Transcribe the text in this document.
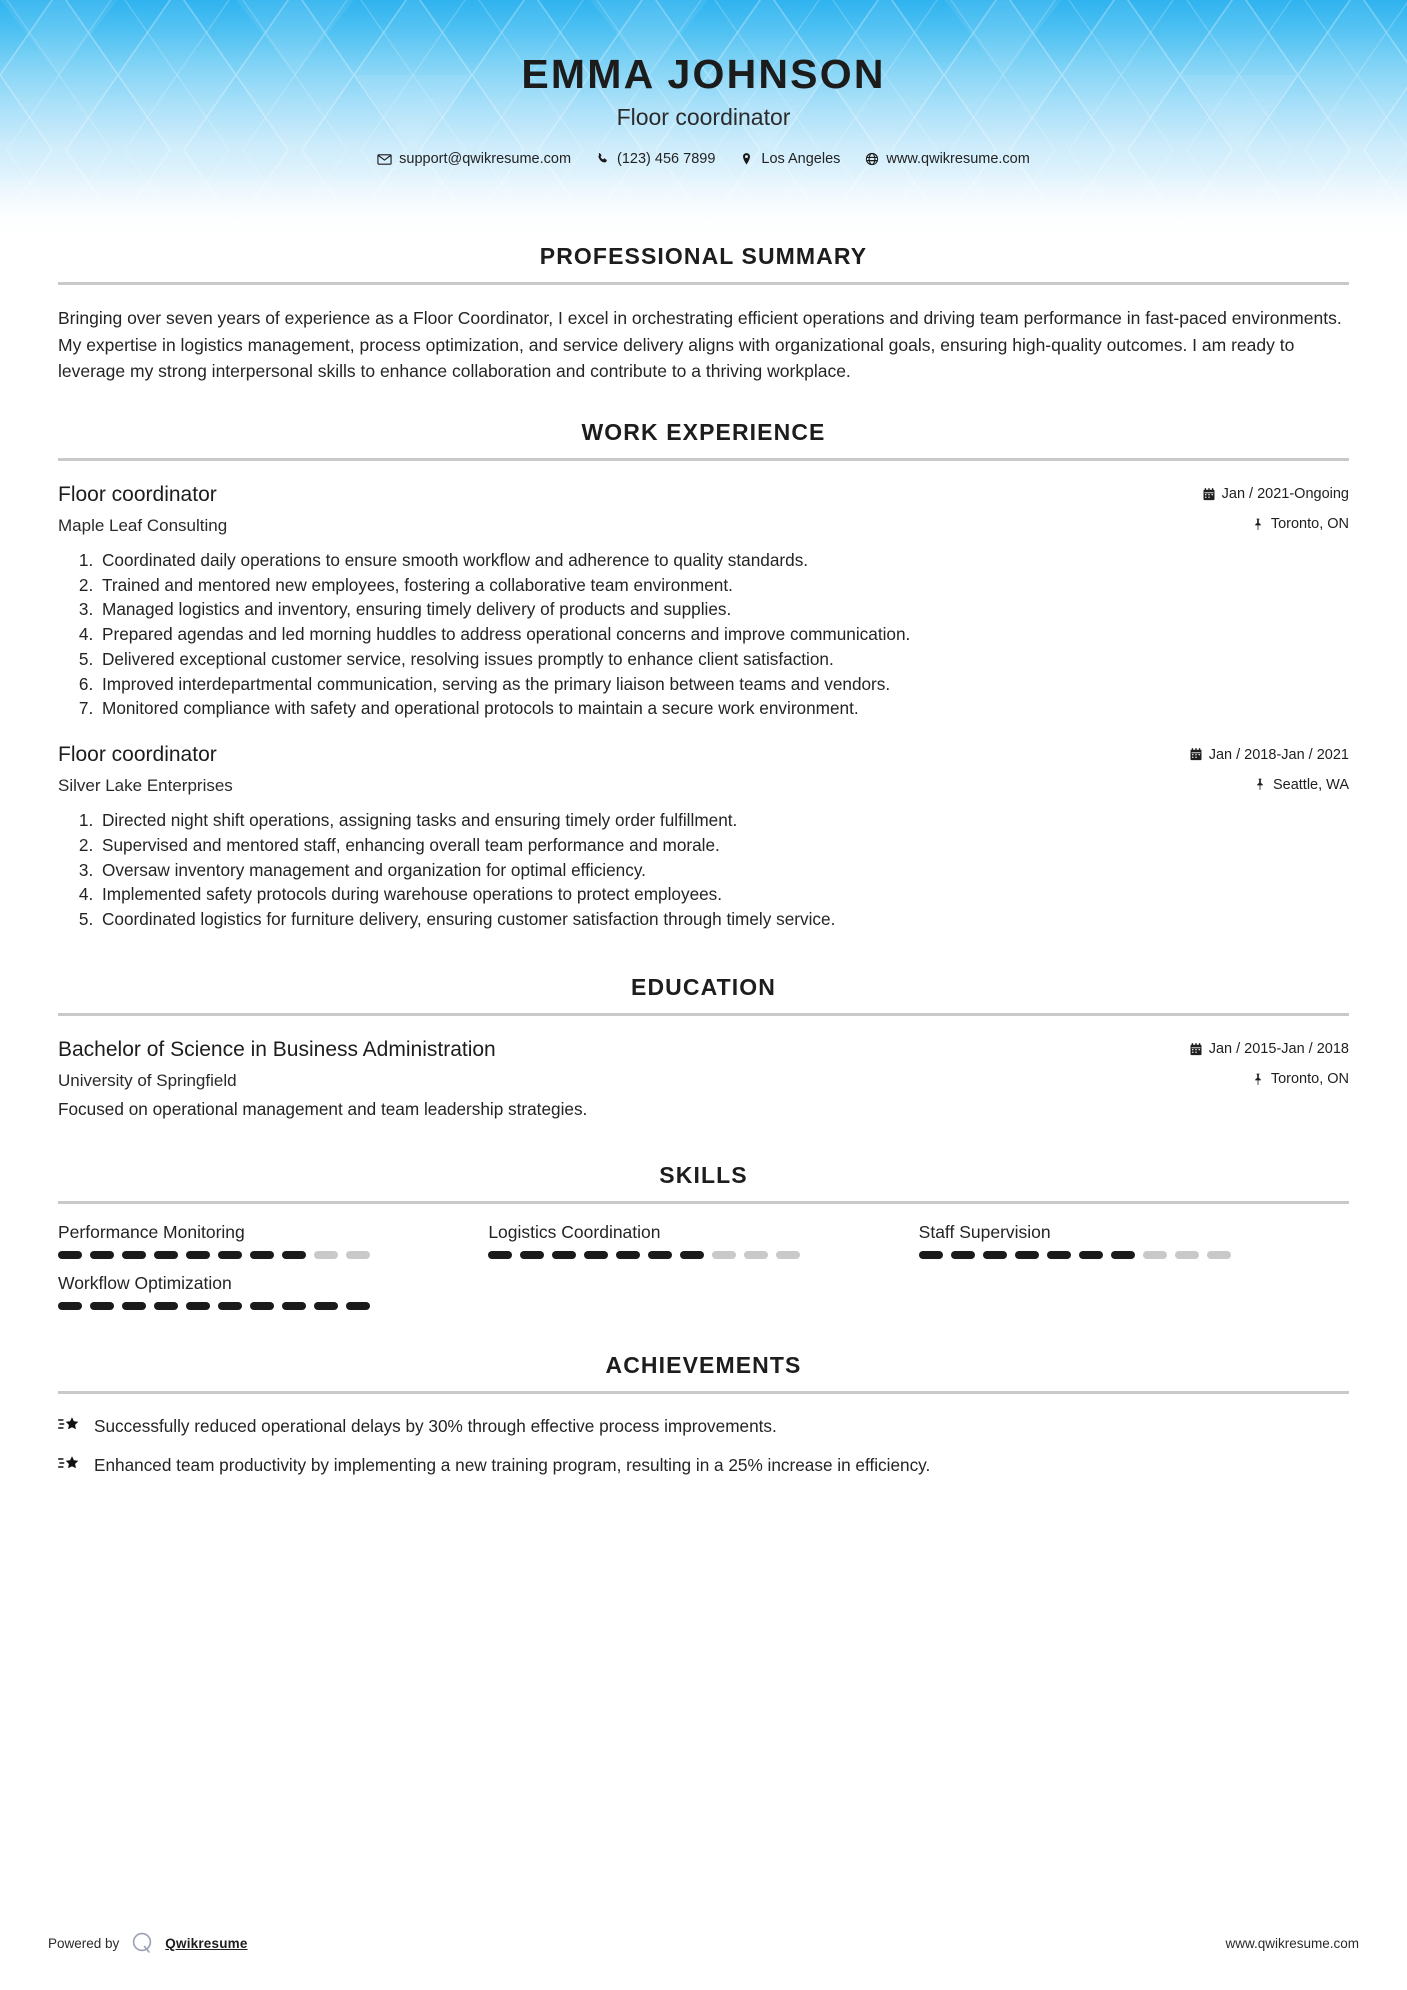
EMMA JOHNSON
Floor coordinator
support@qwikresume.com	(123) 456 7899	Los Angeles	www.qwikresume.com
PROFESSIONAL SUMMARY

Bringing over seven years of experience as a Floor Coordinator, I excel in orchestrating efficient operations and driving team performance in fast-paced environments. My expertise in logistics management, process optimization, and service delivery aligns with organizational goals, ensuring high-quality outcomes. I am ready to leverage my strong interpersonal skills to enhance collaboration and contribute to a thriving workplace.

WORK EXPERIENCE
Floor coordinator	Jan / 2021-Ongoing
Maple Leaf Consulting	Toronto, ON
1. Coordinated daily operations to ensure smooth workflow and adherence to quality standards.
2. Trained and mentored new employees, fostering a collaborative team environment.
3. Managed logistics and inventory, ensuring timely delivery of products and supplies.
4. Prepared agendas and led morning huddles to address operational concerns and improve communication.
5. Delivered exceptional customer service, resolving issues promptly to enhance client satisfaction.
6. Improved interdepartmental communication, serving as the primary liaison between teams and vendors.
7. Monitored compliance with safety and operational protocols to maintain a secure work environment.
Floor coordinator	Jan / 2018-Jan / 2021
Silver Lake Enterprises	Seattle, WA
1. Directed night shift operations, assigning tasks and ensuring timely order fulfillment.
2. Supervised and mentored staff, enhancing overall team performance and morale.
3. Oversaw inventory management and organization for optimal efficiency.
4. Implemented safety protocols during warehouse operations to protect employees.
5. Coordinated logistics for furniture delivery, ensuring customer satisfaction through timely service.
EDUCATION
Bachelor of Science in Business Administration	Jan / 2015-Jan / 2018
University of Springfield	Toronto, ON
Focused on operational management and team leadership strategies.
SKILLS
Performance Monitoring	Logistics Coordination	Staff Supervision
Workflow Optimization
ACHIEVEMENTS
Successfully reduced operational delays by 30% through effective process improvements.
Enhanced team productivity by implementing a new training program, resulting in a 25% increase in efficiency.
Powered by	Qwikresume	www.qwikresume.com
